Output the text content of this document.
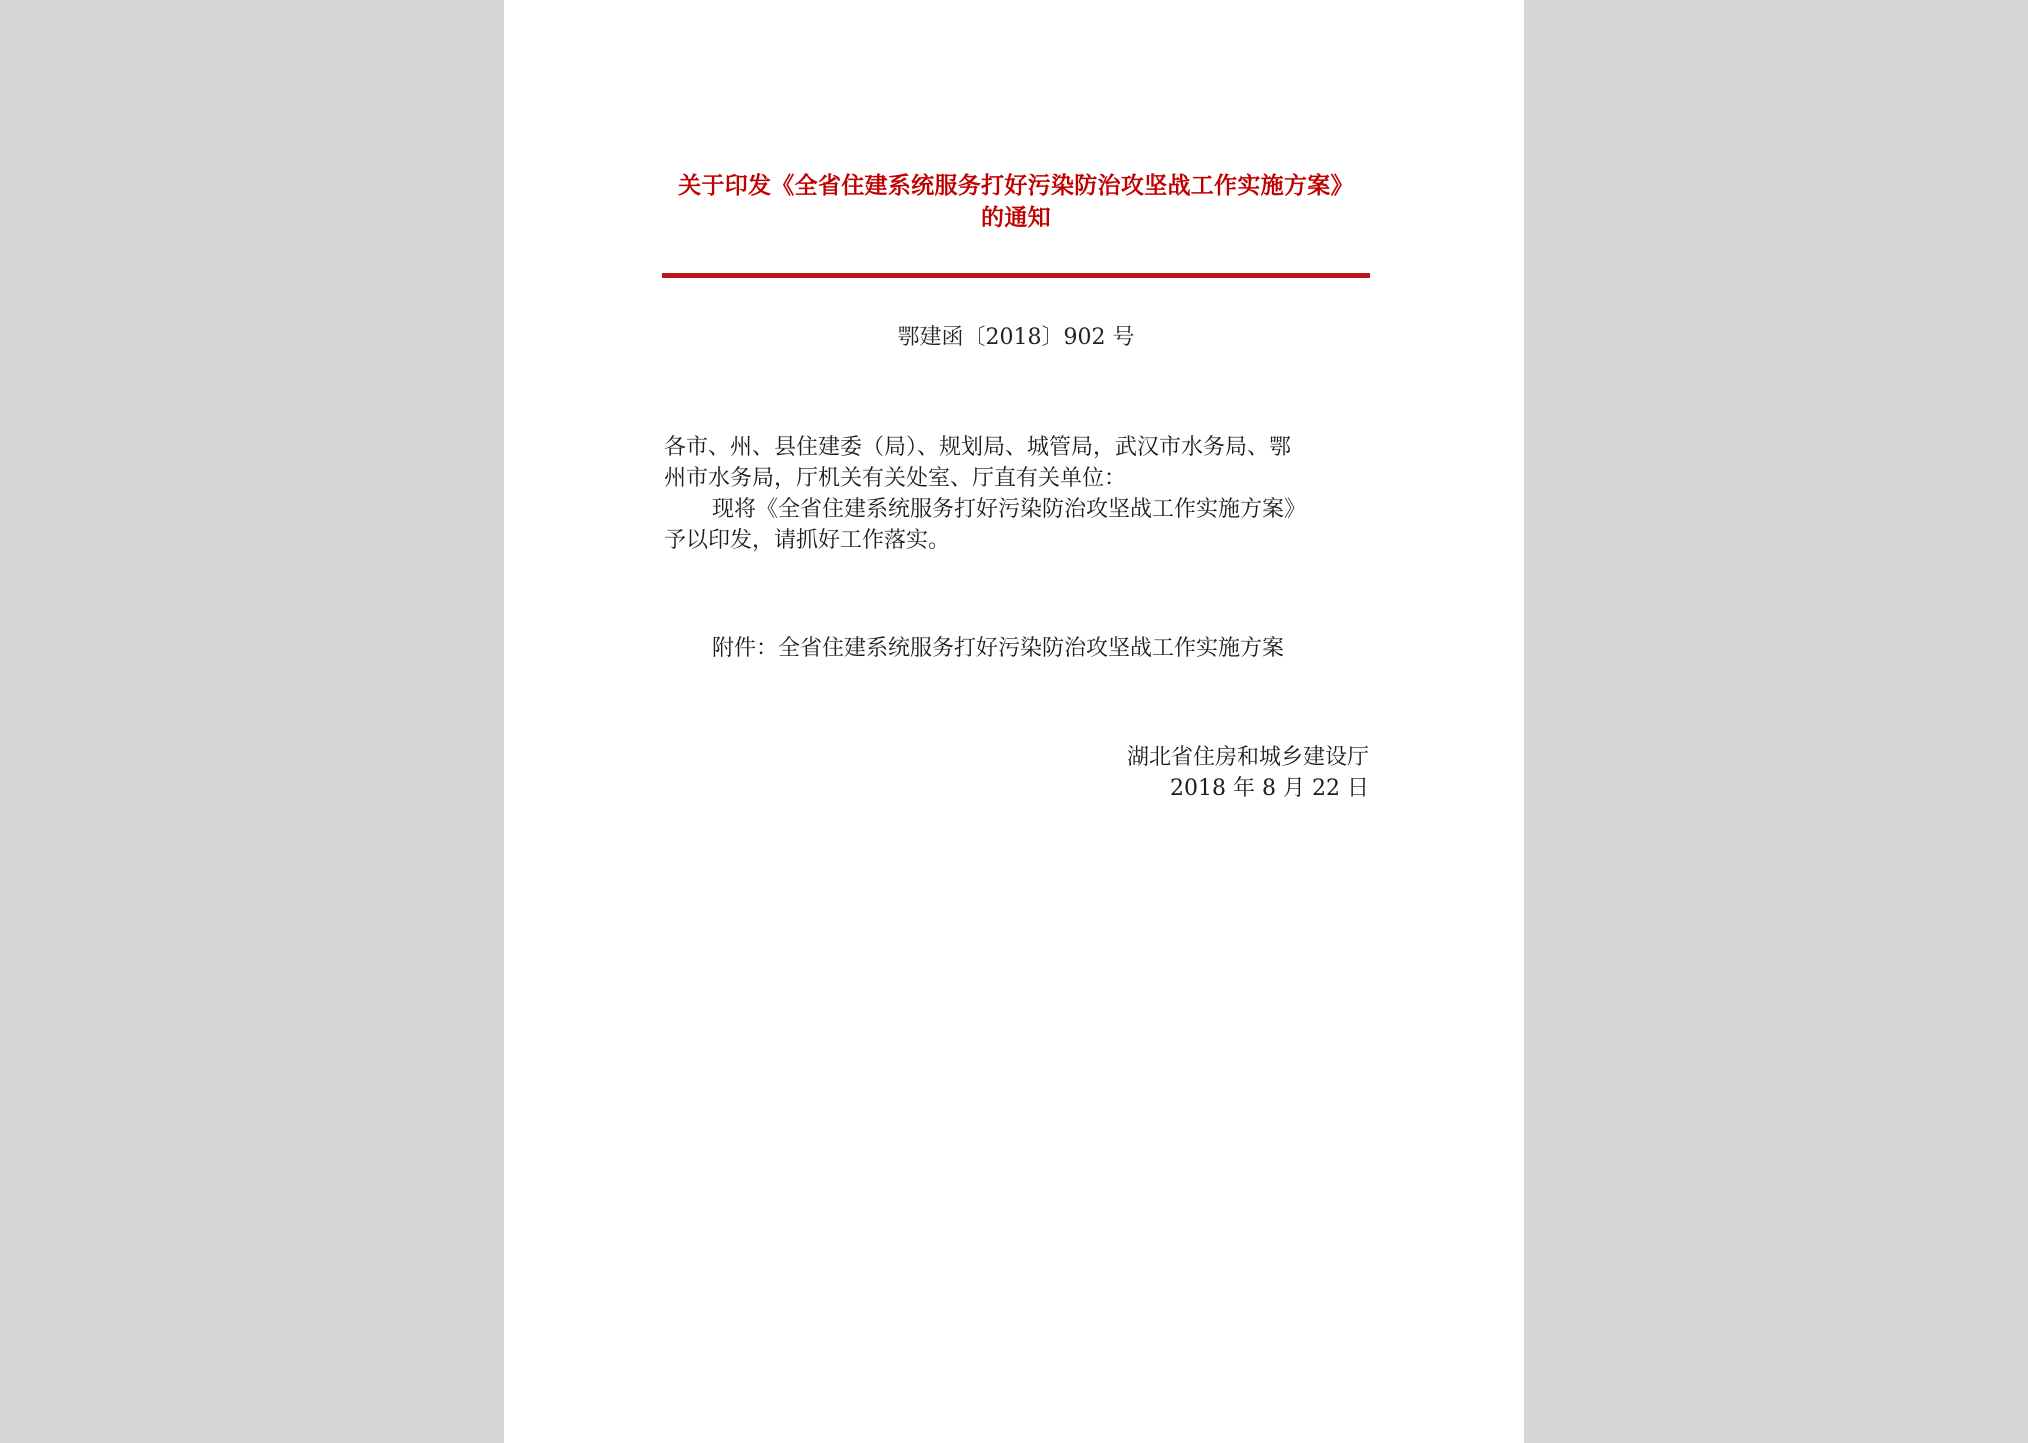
关于印发《全省住建系统服务打好污染防治攻坚战工作实施方案》
的通知
鄂建函〔2018〕902 号
各市、州、县住建委（局）、规划局、城管局，武汉市水务局、鄂
州市水务局，厅机关有关处室、厅直有关单位：
现将《全省住建系统服务打好污染防治攻坚战工作实施方案》
予以印发，请抓好工作落实。
附件：全省住建系统服务打好污染防治攻坚战工作实施方案
湖北省住房和城乡建设厅
2018 年 8 月 22 日
